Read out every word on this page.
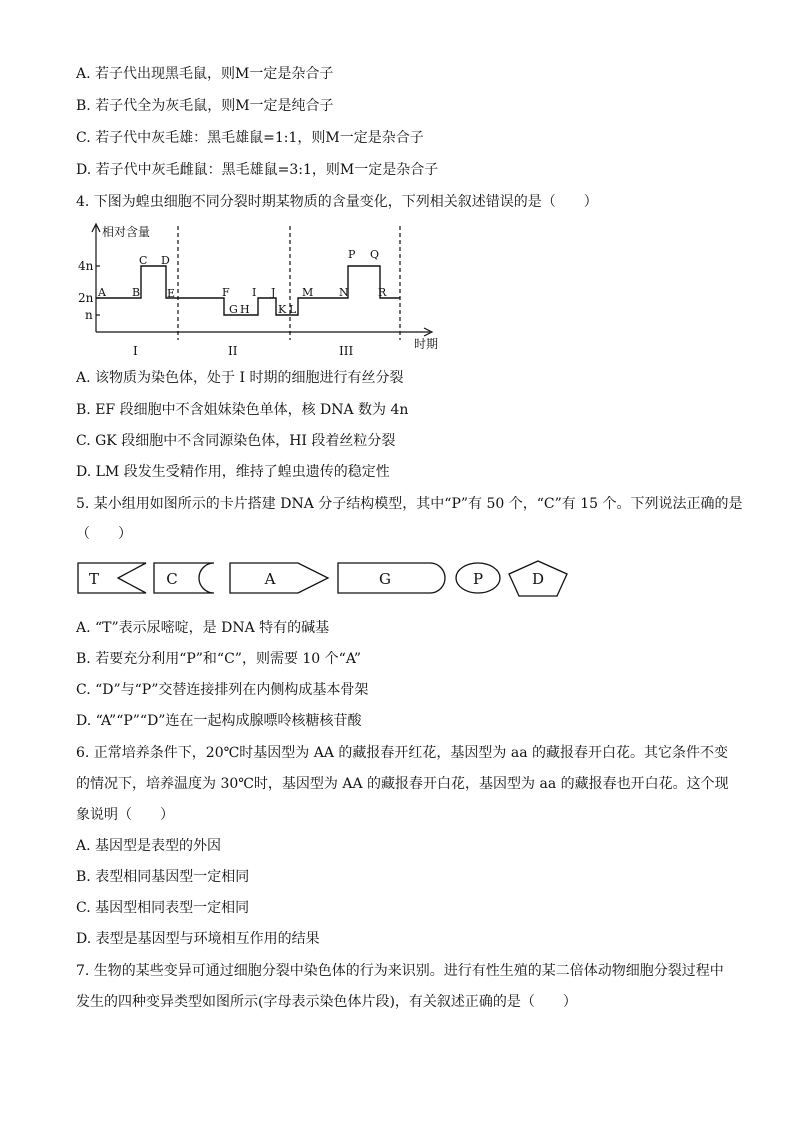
A. 若子代出现黑毛鼠，则M一定是杂合子
B. 若子代全为灰毛鼠，则M一定是纯合子
C. 若子代中灰毛雄：黑毛雄鼠=1:1，则M一定是杂合子
D. 若子代中灰毛雌鼠：黑毛雄鼠=3:1，则M一定是杂合子
4. 下图为蝗虫细胞不同分裂时期某物质的含量变化，下列相关叙述错误的是（　　）
相对含量
4n
2n
n
时期
I	II	III
A B
C D
E	F
G H
I J
K L
M N
P Q
R
A. 该物质为染色体，处于 I 时期的细胞进行有丝分裂
B. EF 段细胞中不含姐妹染色单体，核 DNA 数为 4n
C. GK 段细胞中不含同源染色体，HI 段着丝粒分裂
D. LM 段发生受精作用，维持了蝗虫遗传的稳定性
5. 某小组用如图所示的卡片搭建 DNA 分子结构模型，其中“P”有 50 个，“C”有 15 个。下列说法正确的是
（　　）
T	C	A	G	P	D
A. “T”表示尿嘧啶，是 DNA 特有的碱基
B. 若要充分利用“P”和“C”，则需要 10 个“A”
C. “D”与“P”交替连接排列在内侧构成基本骨架
D. “A”“P”“D”连在一起构成腺嘌呤核糖核苷酸
6. 正常培养条件下，20℃时基因型为 AA 的藏报春开红花，基因型为 aa 的藏报春开白花。其它条件不变
的情况下，培养温度为 30℃时，基因型为 AA 的藏报春开白花，基因型为 aa 的藏报春也开白花。这个现
象说明（　　）
A. 基因型是表型的外因
B. 表型相同基因型一定相同
C. 基因型相同表型一定相同
D. 表型是基因型与环境相互作用的结果
7. 生物的某些变异可通过细胞分裂中染色体的行为来识别。进行有性生殖的某二倍体动物细胞分裂过程中
发生的四种变异类型如图所示(字母表示染色体片段)，有关叙述正确的是（　　）
